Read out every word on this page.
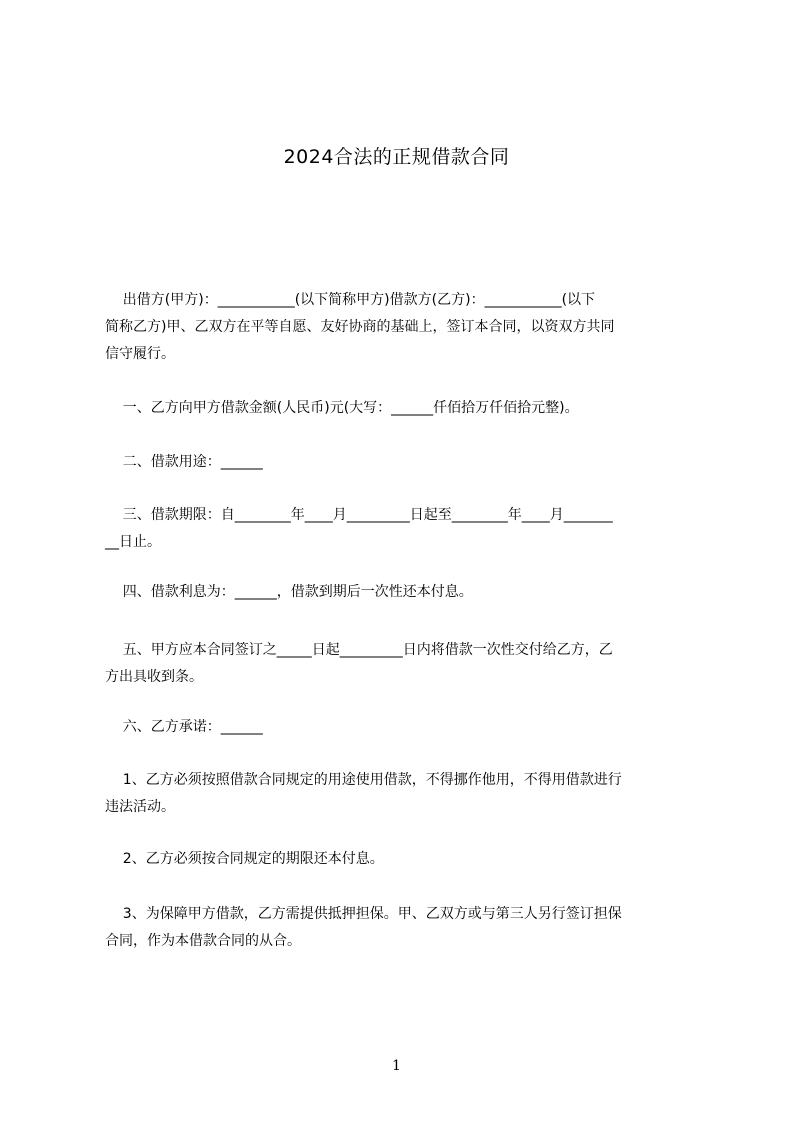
2024合法的正规借款合同

出借方(甲方)：___________(以下简称甲方)借款方(乙方)：___________(以下
简称乙方)甲、乙双方在平等自愿、友好协商的基础上，签订本合同，以资双方共同
信守履行。

一、乙方向甲方借款金额(人民币)元(大写：______仟佰拾万仟佰拾元整)。

二、借款用途：______

三、借款期限：自________年____月_________日起至________年____月_______
__日止。

四、借款利息为：______，借款到期后一次性还本付息。

五、甲方应本合同签订之_____日起_________日内将借款一次性交付给乙方，乙
方出具收到条。

六、乙方承诺：______

1、乙方必须按照借款合同规定的用途使用借款，不得挪作他用，不得用借款进行
违法活动。

2、乙方必须按合同规定的期限还本付息。

3、为保障甲方借款，乙方需提供抵押担保。甲、乙双方或与第三人另行签订担保
合同，作为本借款合同的从合。

1
